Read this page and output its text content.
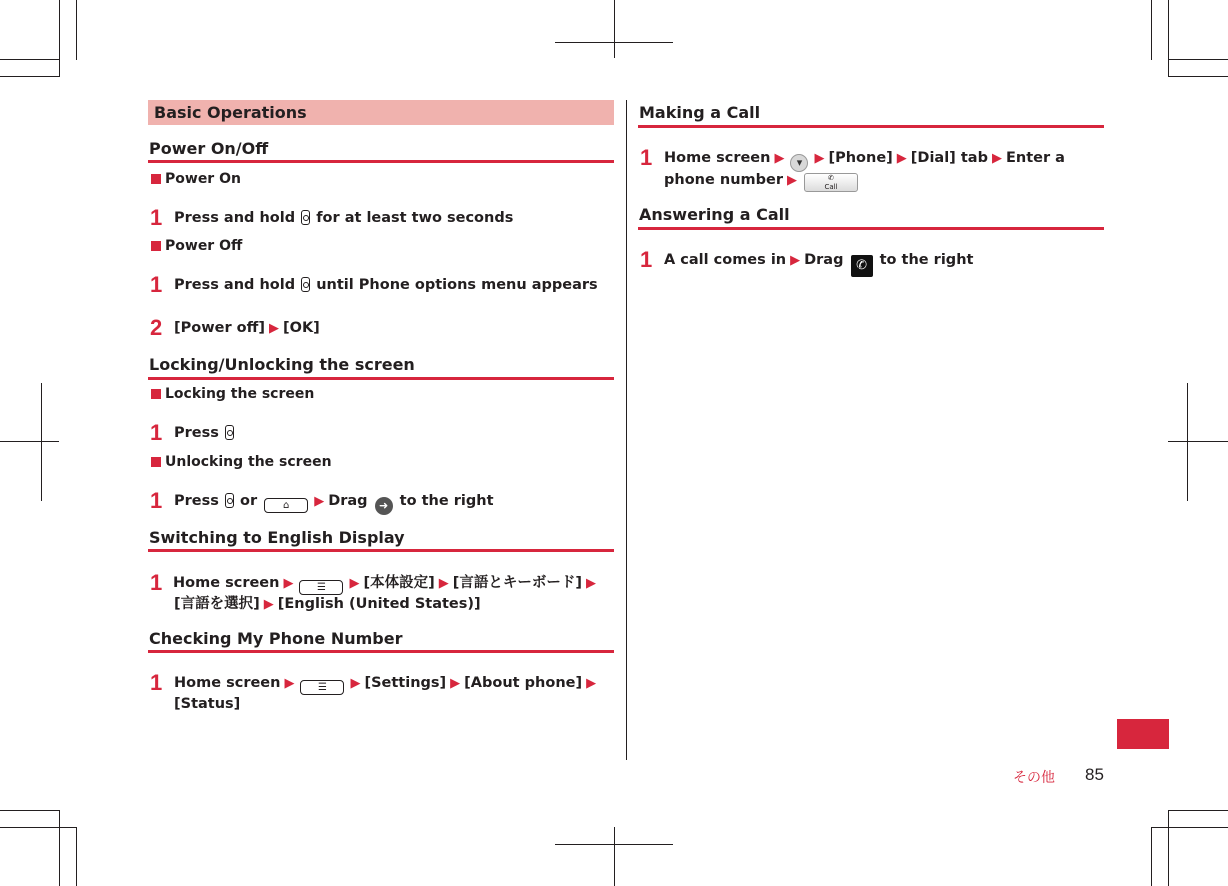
Basic Operations
Power On/Off
Power On
1 Press and hold for at least two seconds
Power Off
1 Press and hold until Phone options menu appears
2 [Power off] ▶ [OK]
Locking/Unlocking the screen
Locking the screen
1 Press
Unlocking the screen
1 Press or	⌂ ▶ Drag ➜ to the right
Switching to English Display
1 Home screen ▶ ☰ ▶ [本体設定] ▶ [言語とキーボード] ▶
[言語を選択] ▶ [English (United States)]
Checking My Phone Number
1 Home screen ▶ ☰ ▶ [Settings] ▶ [About phone] ▶
[Status]
Making a Call
1 Home screen ▶ ▾ ▶ [Phone] ▶ [Dial] tab ▶ Enter a
phone number ▶	✆
Call
Answering a Call
1 A call comes in ▶ Drag ✆ to the right
その他 85
